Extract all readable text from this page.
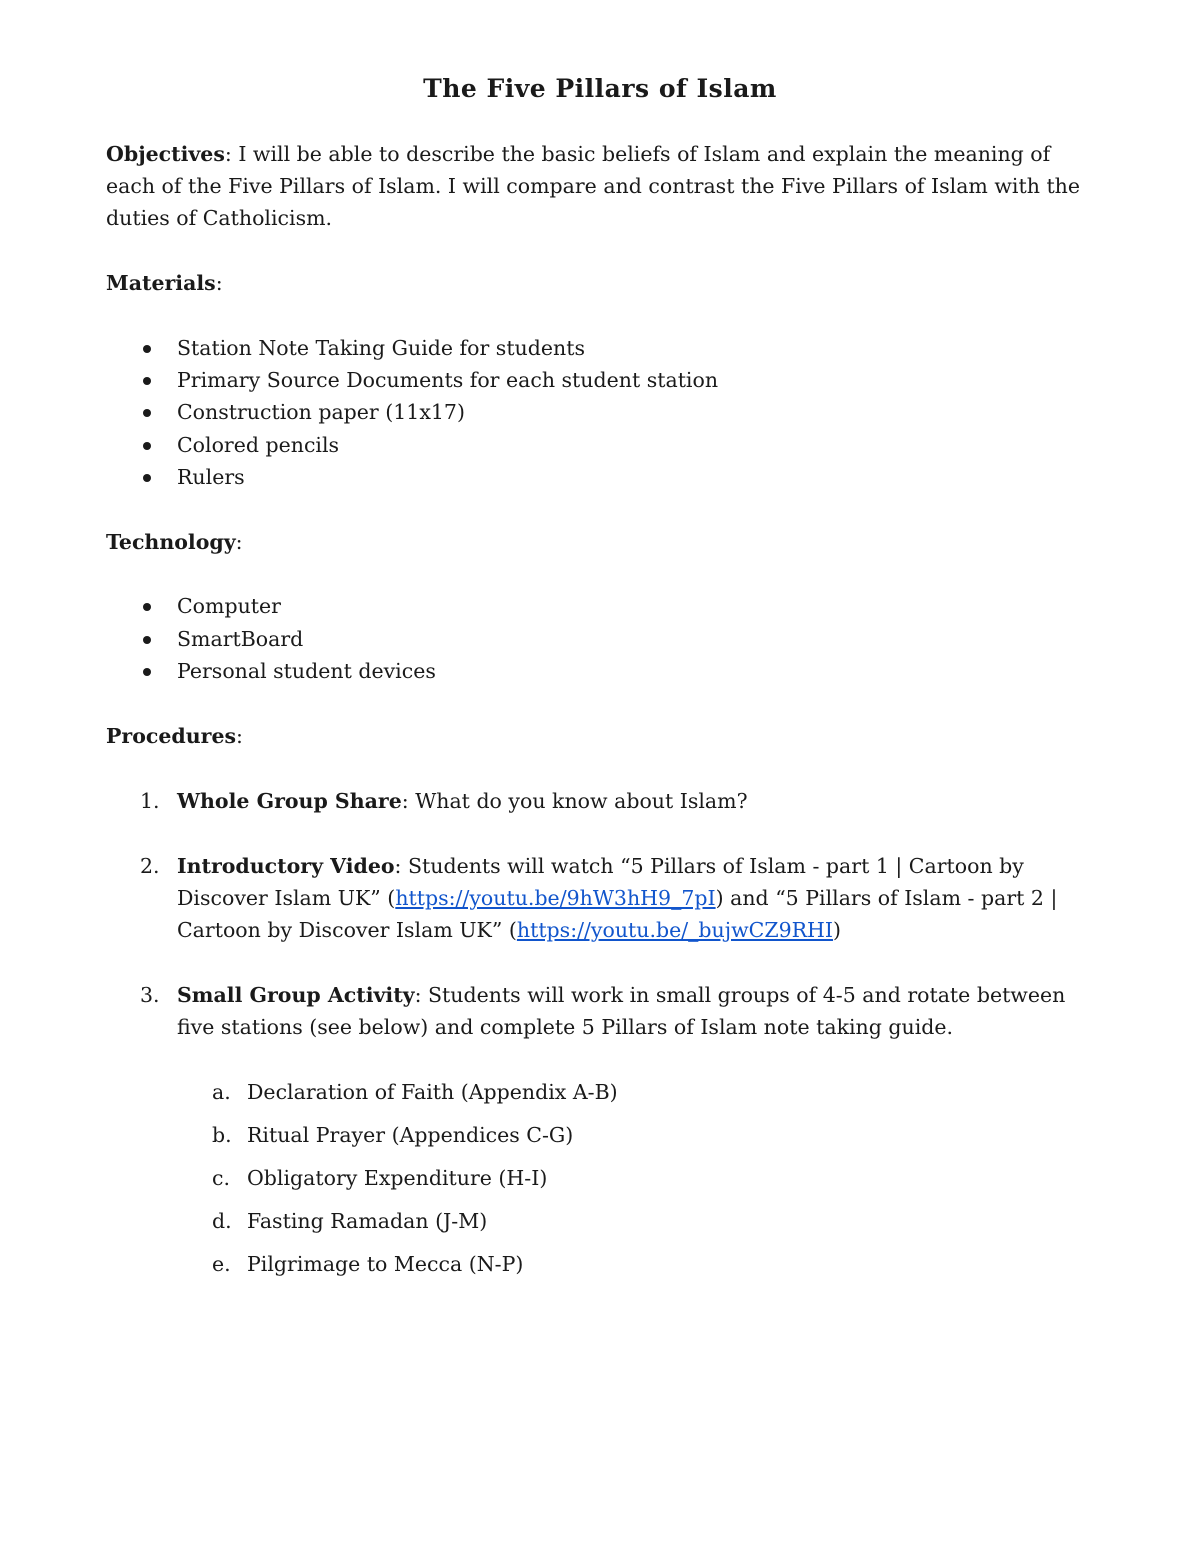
The Five Pillars of Islam
Objectives: I will be able to describe the basic beliefs of Islam and explain the meaning of
each of the Five Pillars of Islam. I will compare and contrast the Five Pillars of Islam with the
duties of Catholicism.
Materials:
Station Note Taking Guide for students
Primary Source Documents for each student station
Construction paper (11x17)
Colored pencils
Rulers
Technology:
Computer
SmartBoard
Personal student devices
Procedures:
1. Whole Group Share: What do you know about Islam?
2. Introductory Video: Students will watch “5 Pillars of Islam - part 1 | Cartoon by
Discover Islam UK” (https://youtu.be/9hW3hH9_7pI) and “5 Pillars of Islam - part 2 |
Cartoon by Discover Islam UK” (https://youtu.be/_bujwCZ9RHI)
3. Small Group Activity: Students will work in small groups of 4-5 and rotate between
five stations (see below) and complete 5 Pillars of Islam note taking guide.
a. Declaration of Faith (Appendix A-B)
b. Ritual Prayer (Appendices C-G)
c. Obligatory Expenditure (H-I)
d. Fasting Ramadan (J-M)
e. Pilgrimage to Mecca (N-P)
